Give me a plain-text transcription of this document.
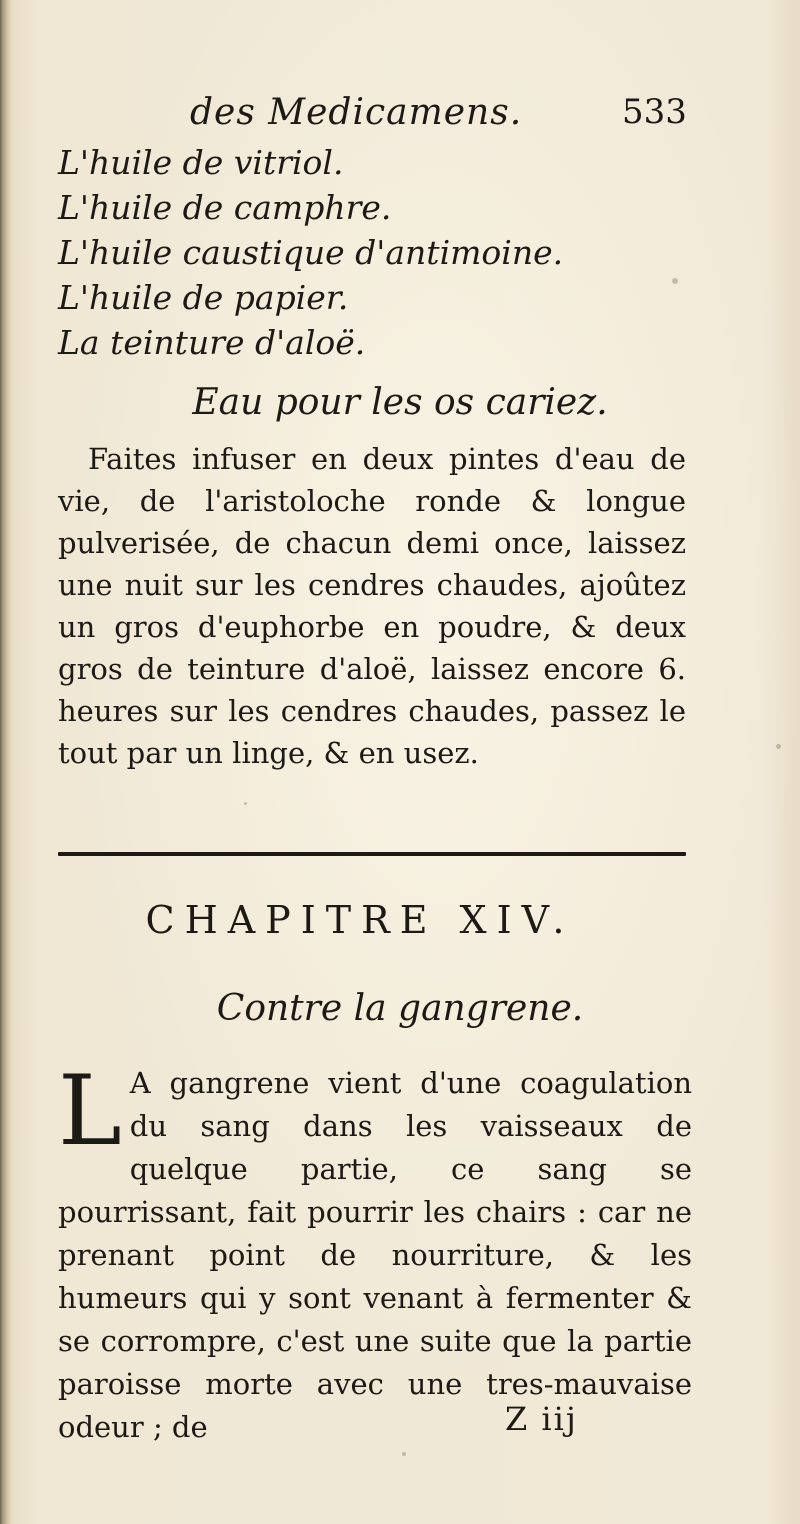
des Medicamens.	533
L'huile de vitriol.
L'huile de camphre.
L'huile caustique d'antimoine.
L'huile de papier.
La teinture d'aloë.
Eau pour les os cariez.

Faites infuser en deux pintes d'eau de vie, de l'aristoloche ronde & longue pulverisée, de chacun demi once, laissez une nuit sur les cendres chaudes, ajoûtez un gros d'euphorbe en poudre, & deux gros de teinture d'aloë, laissez encore 6. heures sur les cendres chaudes, passez le tout par un linge, & en usez.

CHAPITRE XIV.
Contre la gangrene.

L A gangrene vient d'une coagulation du sang dans les vaisseaux de quelque partie, ce sang se pourrissant, fait pourrir les chairs : car ne prenant point de nourriture, & les humeurs qui y sont venant à fermenter & se corrompre, c'est une suite que la partie paroisse morte avec une tres-mauvaise odeur ; de	Z iij
